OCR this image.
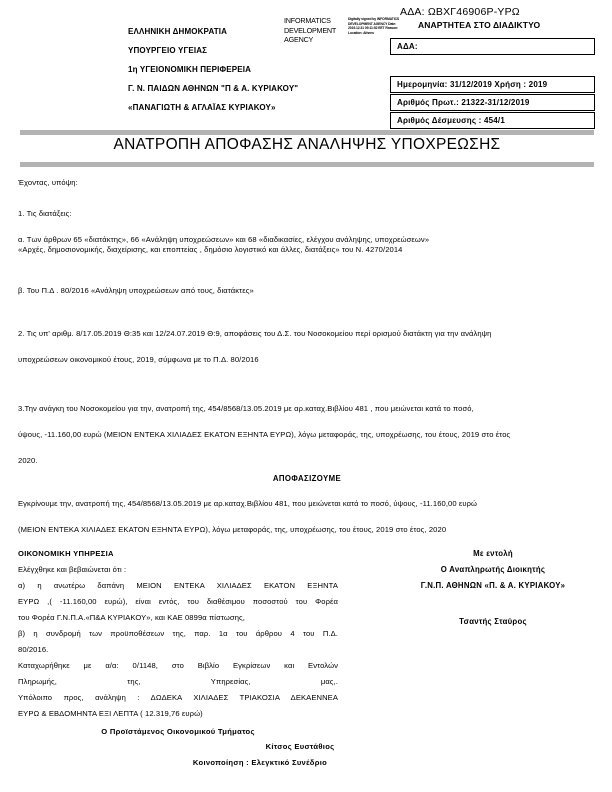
ΑΔΑ: ΩΒΧΓ46906Ρ-ΥΡΩ
ΑΝΑΡΤΗΤΕΑ ΣΤΟ ΔΙΑΔΙΚΤΥΟ
ΕΛΛΗΝΙΚΗ ΔΗΜΟΚΡΑΤΙΑ
ΥΠΟΥΡΓΕΙΟ ΥΓΕΙΑΣ
1η ΥΓΕΙΟΝΟΜΙΚΗ ΠΕΡΙΦΕΡΕΙΑ
Γ. Ν. ΠΑΙΔΩΝ ΑΘΗΝΩΝ "Π & Α. ΚΥΡΙΑΚΟΥ"
«ΠΑΝΑΓΙΩΤΗ & ΑΓΛΑΪΑΣ ΚΥΡΙΑΚΟΥ»
INFORMATICS DEVELOPMENT AGENCY
Digitally signed by INFORMATICS DEVELOPMENT AGENCY Date: 2019.12.31 09:11:52 EET Reason: Location: Athens
ΑΔΑ:
Ημερομηνία: 31/12/2019 Χρήση : 2019
Αριθμός Πρωτ.: 21322-31/12/2019
Αριθμός Δέσμευσης : 454/1
ΑΝΑΤΡΟΠΗ ΑΠΟΦΑΣΗΣ ΑΝΑΛΗΨΗΣ ΥΠΟΧΡΕΩΣΗΣ
Έχοντας, υπόψη:
1. Τις διατάξεις:
α. Των άρθρων 65 «διατάκτης», 66 «Ανάληψη υποχρεώσεων» και 68 «διαδικασίες, ελέγχου ανάληψης, υποχρεώσεων»
«Αρχές, δημοσιονομικής, διαχείρισης, και εποπτείας , δημόσιο λογιστικό και άλλες, διατάξεις» του Ν. 4270/2014
β. Του Π.Δ . 80/2016 «Ανάληψη υποχρεώσεων από τους, διατάκτες»
2. Τις υπ' αριθμ. 8/17.05.2019 Θ:35 και 12/24.07.2019 Θ:9, αποφάσεις του Δ.Σ. του Νοσοκομείου περί ορισμού διατάκτη για την ανάληψη
υποχρεώσεων οικονομικού έτους, 2019, σύμφωνα με το Π.Δ. 80/2016
3.Την ανάγκη του Νοσοκομείου για την, ανατροπή της, 454/8568/13.05.2019 με αρ.καταχ.Βιβλίου 481 , που μειώνεται κατά το ποσό,
ύψους, -11.160,00 ευρώ (ΜΕΙΟΝ ΕΝΤΕΚΑ ΧΙΛΙΑΔΕΣ ΕΚΑΤΟΝ ΕΞΗΝΤΑ ΕΥΡΩ), λόγω μεταφοράς, της, υποχρέωσης, του έτους, 2019 στο έτος
2020.
ΑΠΟΦΑΣΙΖΟΥΜΕ
Εγκρίνουμε την, ανατροπή της, 454/8568/13.05.2019 με αρ.καταχ.Βιβλίου 481, που μειώνεται κατά το ποσό, ύψους, -11.160,00 ευρώ
(ΜΕΙΟΝ ΕΝΤΕΚΑ ΧΙΛΙΑΔΕΣ ΕΚΑΤΟΝ ΕΞΗΝΤΑ ΕΥΡΩ), λόγω μεταφοράς, της, υποχρέωσης, του έτους, 2019 στο έτος, 2020
ΟΙΚΟΝΟΜΙΚΗ ΥΠΗΡΕΣΙΑ
Ελέγχθηκε και βεβαιώνεται ότι :
α) η ανωτέρω δαπάνη ΜΕΙΟΝ ΕΝΤΕΚΑ ΧΙΛΙΑΔΕΣ ΕΚΑΤΟΝ ΕΞΗΝΤΑ
ΕΥΡΩ ,( -11.160,00 ευρώ), είναι εντός, του διαθέσιμου ποσοστού του Φορέα
του Φορέα Γ.Ν.Π.Α.«Π&Α ΚΥΡΙΑΚΟΥ», και ΚΑΕ 0899α πίστωσης,
β) η συνδρομή των προϋποθέσεων της, παρ. 1α του άρθρου 4 του Π.Δ.
80/2016.
Καταχωρήθηκε με α/α: 0/1148, στο Βιβλίο Εγκρίσεων και Εντολών
Πληρωμής, της, Υπηρεσίας, μας,.
Υπόλοιπο προς, ανάληψη : ΔΩΔΕΚΑ ΧΙΛΙΑΔΕΣ ΤΡΙΑΚΟΣΙΑ ΔΕΚΑΕΝΝΕΑ
ΕΥΡΩ & ΕΒΔΟΜΗΝΤΑ ΕΞΙ ΛΕΠΤΑ ( 12.319,76 ευρώ)
Ο Προϊστάμενος Οικονομικού Τμήματος
Με εντολή
Ο Αναπληρωτής Διοικητής
Γ.Ν.Π. ΑΘΗΝΩΝ «Π. & Α. ΚΥΡΙΑΚΟΥ»
Τσαντής Σταύρος
Κίτσος Ευστάθιος
Κοινοποίηση : Ελεγκτικό Συνέδριο
